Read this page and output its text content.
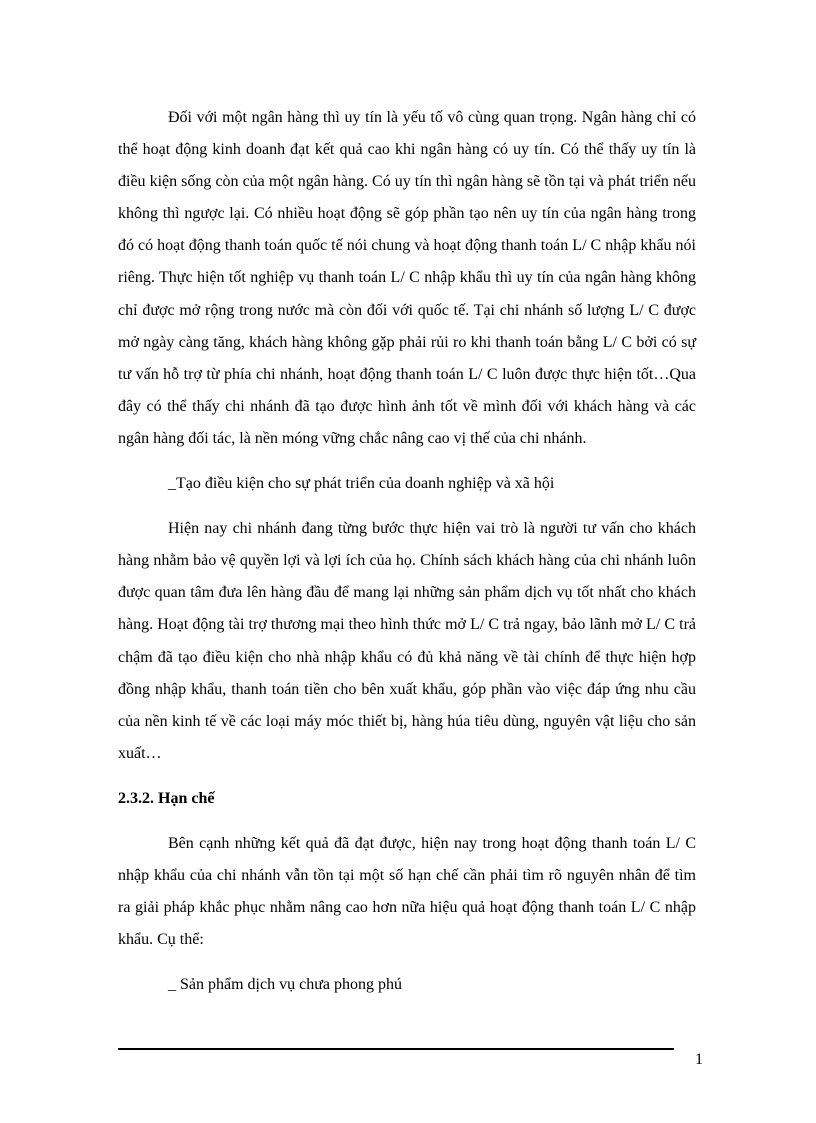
Đối với một ngân hàng thì uy tín là yếu tố vô cùng quan trọng. Ngân hàng chỉ có thể hoạt động kinh doanh đạt kết quả cao khi ngân hàng có uy tín. Có thể thấy uy tín là điều kiện sống còn của một ngân hàng. Có uy tín thì ngân hàng sẽ tồn tại và phát triển nếu không thì ngược lại. Có nhiều hoạt động sẽ góp phần tạo nên uy tín của ngân hàng trong đó có hoạt động thanh toán quốc tế nói chung và hoạt động thanh toán L/ C nhập khẩu nói riêng. Thực hiện tốt nghiệp vụ thanh toán L/ C nhập khẩu thì uy tín của ngân hàng không chỉ được mở rộng trong nước mà còn đối với quốc tế. Tại chi nhánh số lượng L/ C được mở ngày càng tăng, khách hàng không gặp phải rủi ro khi thanh toán bằng L/ C bởi có sự tư vấn hỗ trợ từ phía chi nhánh, hoạt động thanh toán L/ C luôn được thực hiện tốt…Qua đây có thể thấy chi nhánh đã tạo được hình ảnh tốt về mình đối với khách hàng và các ngân hàng đối tác, là nền móng vững chắc nâng cao vị thế của chi nhánh.

_Tạo điều kiện cho sự phát triển của doanh nghiệp và xã hội

Hiện nay chi nhánh đang từng bước thực hiện vai trò là người tư vấn cho khách hàng nhằm bảo vệ quyền lợi và lợi ích của họ. Chính sách khách hàng của chi nhánh luôn được quan tâm đưa lên hàng đầu để mang lại những sản phẩm dịch vụ tốt nhất cho khách hàng. Hoạt động tài trợ thương mại theo hình thức mở L/ C trả ngay, bảo lãnh mở L/ C trả chậm đã tạo điều kiện cho nhà nhập khẩu có đủ khả năng về tài chính để thực hiện hợp đồng nhập khẩu, thanh toán tiền cho bên xuất khẩu, góp phần vào việc đáp ứng nhu cầu của nền kinh tế về các loại máy móc thiết bị, hàng húa tiêu dùng, nguyên vật liệu cho sản xuất…

2.3.2. Hạn chế

Bên cạnh những kết quả đã đạt được, hiện nay trong hoạt động thanh toán L/ C nhập khẩu của chi nhánh vẫn tồn tại một số hạn chế cần phải tìm rõ nguyên nhân để tìm ra giải pháp khắc phục nhằm nâng cao hơn nữa hiệu quả hoạt động thanh toán L/ C nhập khẩu. Cụ thể:

_ Sản phẩm dịch vụ chưa phong phú

1
